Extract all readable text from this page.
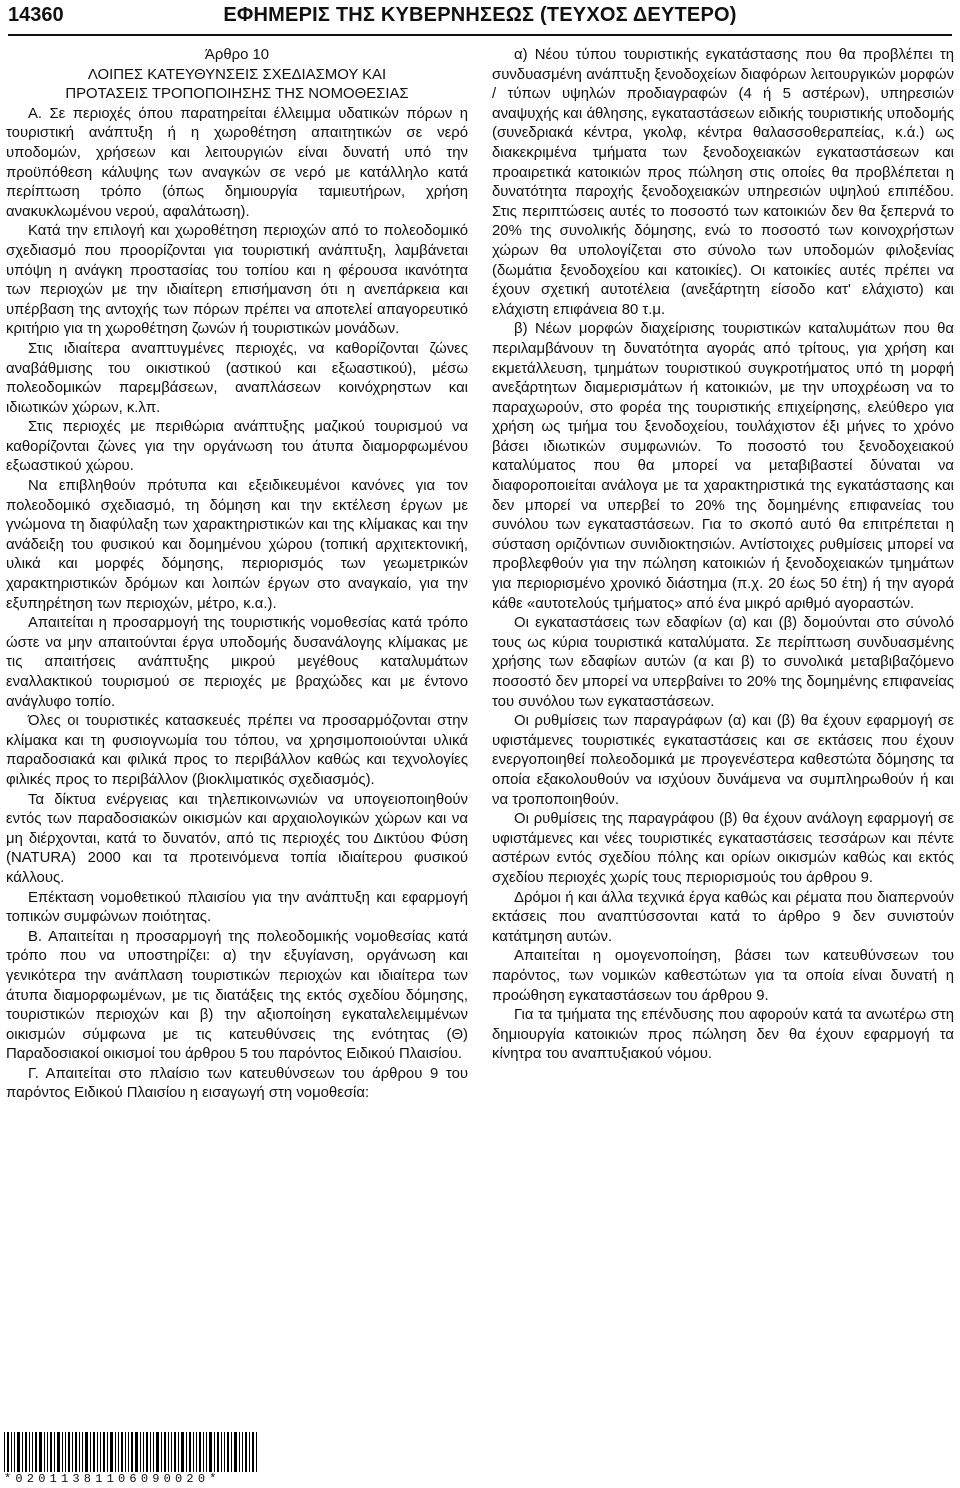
ΕΦΗΜΕΡΙΣ ΤΗΣ ΚΥΒΕΡΝΗΣΕΩΣ (ΤΕΥΧΟΣ ΔΕΥΤΕΡΟ)
14360
Άρθρο 10
ΛΟΙΠΕΣ ΚΑΤΕΥΘΥΝΣΕΙΣ ΣΧΕΔΙΑΣΜΟΥ ΚΑΙ
ΠΡΟΤΑΣΕΙΣ ΤΡΟΠΟΠΟΙΗΣΗΣ ΤΗΣ ΝΟΜΟΘΕΣΙΑΣ

Α. Σε περιοχές όπου παρατηρείται έλλειμμα υδατικών πόρων η τουριστική ανάπτυξη ή η χωροθέτηση απαιτητικών σε νερό υποδομών, χρήσεων και λειτουργιών είναι δυνατή υπό την προϋπόθεση κάλυψης των αναγκών σε νερό με κατάλληλο κατά περίπτωση τρόπο (όπως δημιουργία ταμιευτήρων, χρήση ανακυκλωμένου νερού, αφαλάτωση).

Κατά την επιλογή και χωροθέτηση περιοχών από το πολεοδομικό σχεδιασμό που προορίζονται για τουριστική ανάπτυξη, λαμβάνεται υπόψη η ανάγκη προστασίας του τοπίου και η φέρουσα ικανότητα των περιοχών με την ιδιαίτερη επισήμανση ότι η ανεπάρκεια και υπέρβαση της αντοχής των πόρων πρέπει να αποτελεί απαγορευτικό κριτήριο για τη χωροθέτηση ζωνών ή τουριστικών μονάδων.

Στις ιδιαίτερα αναπτυγμένες περιοχές, να καθορίζονται ζώνες αναβάθμισης του οικιστικού (αστικού και εξωαστικού), μέσω πολεοδομικών παρεμβάσεων, αναπλάσεων κοινόχρηστων και ιδιωτικών χώρων, κ.λπ.

Στις περιοχές με περιθώρια ανάπτυξης μαζικού τουρισμού να καθορίζονται ζώνες για την οργάνωση του άτυπα διαμορφωμένου εξωαστικού χώρου.

Να επιβληθούν πρότυπα και εξειδικευμένοι κανόνες για τον πολεοδομικό σχεδιασμό, τη δόμηση και την εκτέλεση έργων με γνώμονα τη διαφύλαξη των χαρακτηριστικών και της κλίμακας και την ανάδειξη του φυσικού και δομημένου χώρου (τοπική αρχιτεκτονική, υλικά και μορφές δόμησης, περιορισμός των γεωμετρικών χαρακτηριστικών δρόμων και λοιπών έργων στο αναγκαίο, για την εξυπηρέτηση των περιοχών, μέτρο, κ.α.).

Απαιτείται η προσαρμογή της τουριστικής νομοθεσίας κατά τρόπο ώστε να μην απαιτούνται έργα υποδομής δυσανάλογης κλίμακας με τις απαιτήσεις ανάπτυξης μικρού μεγέθους καταλυμάτων εναλλακτικού τουρισμού σε περιοχές με βραχώδες και με έντονο ανάγλυφο τοπίο.

Όλες οι τουριστικές κατασκευές πρέπει να προσαρμόζονται στην κλίμακα και τη φυσιογνωμία του τόπου, να χρησιμοποιούνται υλικά παραδοσιακά και φιλικά προς το περιβάλλον καθώς και τεχνολογίες φιλικές προς το περιβάλλον (βιοκλιματικός σχεδιασμός).

Τα δίκτυα ενέργειας και τηλεπικοινωνιών να υπογειοποιηθούν εντός των παραδοσιακών οικισμών και αρχαιολογικών χώρων και να μη διέρχονται, κατά το δυνατόν, από τις περιοχές του Δικτύου Φύση (NATURA) 2000 και τα προτεινόμενα τοπία ιδιαίτερου φυσικού κάλλους.

Επέκταση νομοθετικού πλαισίου για την ανάπτυξη και εφαρμογή τοπικών συμφώνων ποιότητας.

Β. Απαιτείται η προσαρμογή της πολεοδομικής νομοθεσίας κατά τρόπο που να υποστηρίζει: α) την εξυγίανση, οργάνωση και γενικότερα την ανάπλαση τουριστικών περιοχών και ιδιαίτερα των άτυπα διαμορφωμένων, με τις διατάξεις της εκτός σχεδίου δόμησης, τουριστικών περιοχών και β) την αξιοποίηση εγκαταλελειμμένων οικισμών σύμφωνα με τις κατευθύνσεις της ενότητας (Θ) Παραδοσιακοί οικισμοί του άρθρου 5 του παρόντος Ειδικού Πλαισίου.

Γ. Απαιτείται στο πλαίσιο των κατευθύνσεων του άρθρου 9 του παρόντος Ειδικού Πλαισίου η εισαγωγή στη νομοθεσία:

α) Νέου τύπου τουριστικής εγκατάστασης που θα προβλέπει τη συνδυασμένη ανάπτυξη ξενοδοχείων διαφόρων λειτουργικών μορφών / τύπων υψηλών προδιαγραφών (4 ή 5 αστέρων), υπηρεσιών αναψυχής και άθλησης, εγκαταστάσεων ειδικής τουριστικής υποδομής (συνεδριακά κέντρα, γκολφ, κέντρα θαλασσοθεραπείας, κ.ά.) ως διακεκριμένα τμήματα των ξενοδοχειακών εγκαταστάσεων και προαιρετικά κατοικιών προς πώληση στις οποίες θα προβλέπεται η δυνατότητα παροχής ξενοδοχειακών υπηρεσιών υψηλού επιπέδου. Στις περιπτώσεις αυτές το ποσοστό των κατοικιών δεν θα ξεπερνά το 20% της συνολικής δόμησης, ενώ το ποσοστό των κοινοχρήστων χώρων θα υπολογίζεται στο σύνολο των υποδομών φιλοξενίας (δωμάτια ξενοδοχείου και κατοικίες). Οι κατοικίες αυτές πρέπει να έχουν σχετική αυτοτέλεια (ανεξάρτητη είσοδο κατ' ελάχιστο) και ελάχιστη επιφάνεια 80 τ.μ.

β) Νέων μορφών διαχείρισης τουριστικών καταλυμάτων που θα περιλαμβάνουν τη δυνατότητα αγοράς από τρίτους, για χρήση και εκμετάλλευση, τμημάτων τουριστικού συγκροτήματος υπό τη μορφή ανεξάρτητων διαμερισμάτων ή κατοικιών, με την υποχρέωση να το παραχωρούν, στο φορέα της τουριστικής επιχείρησης, ελεύθερο για χρήση ως τμήμα του ξενοδοχείου, τουλάχιστον έξι μήνες το χρόνο βάσει ιδιωτικών συμφωνιών. Το ποσοστό του ξενοδοχειακού καταλύματος που θα μπορεί να μεταβιβαστεί δύναται να διαφοροποιείται ανάλογα με τα χαρακτηριστικά της εγκατάστασης και δεν μπορεί να υπερβεί το 20% της δομημένης επιφανείας του συνόλου των εγκαταστάσεων. Για το σκοπό αυτό θα επιτρέπεται η σύσταση οριζόντιων συνιδιοκτησιών. Αντίστοιχες ρυθμίσεις μπορεί να προβλεφθούν για την πώληση κατοικιών ή ξενοδοχειακών τμημάτων για περιορισμένο χρονικό διάστημα (π.χ. 20 έως 50 έτη) ή την αγορά κάθε «αυτοτελούς τμήματος» από ένα μικρό αριθμό αγοραστών.

Οι εγκαταστάσεις των εδαφίων (α) και (β) δομούνται στο σύνολό τους ως κύρια τουριστικά καταλύματα. Σε περίπτωση συνδυασμένης χρήσης των εδαφίων αυτών (α και β) το συνολικά μεταβιβαζόμενο ποσοστό δεν μπορεί να υπερβαίνει το 20% της δομημένης επιφανείας του συνόλου των εγκαταστάσεων.

Οι ρυθμίσεις των παραγράφων (α) και (β) θα έχουν εφαρμογή σε υφιστάμενες τουριστικές εγκαταστάσεις και σε εκτάσεις που έχουν ενεργοποιηθεί πολεοδομικά με προγενέστερα καθεστώτα δόμησης τα οποία εξακολουθούν να ισχύουν δυνάμενα να συμπληρωθούν ή και να τροποποιηθούν.

Οι ρυθμίσεις της παραγράφου (β) θα έχουν ανάλογη εφαρμογή σε υφιστάμενες και νέες τουριστικές εγκαταστάσεις τεσσάρων και πέντε αστέρων εντός σχεδίου πόλης και ορίων οικισμών καθώς και εκτός σχεδίου περιοχές χωρίς τους περιορισμούς του άρθρου 9.

Δρόμοι ή και άλλα τεχνικά έργα καθώς και ρέματα που διαπερνούν εκτάσεις που αναπτύσσονται κατά το άρθρο 9 δεν συνιστούν κατάτμηση αυτών.

Απαιτείται η ομογενοποίηση, βάσει των κατευθύνσεων του παρόντος, των νομικών καθεστώτων για τα οποία είναι δυνατή η προώθηση εγκαταστάσεων του άρθρου 9.

Για τα τμήματα της επένδυσης που αφορούν κατά τα ανωτέρω στη δημιουργία κατοικιών προς πώληση δεν θα έχουν εφαρμογή τα κίνητρα του αναπτυξιακού νόμου.

*02011381106090020*
